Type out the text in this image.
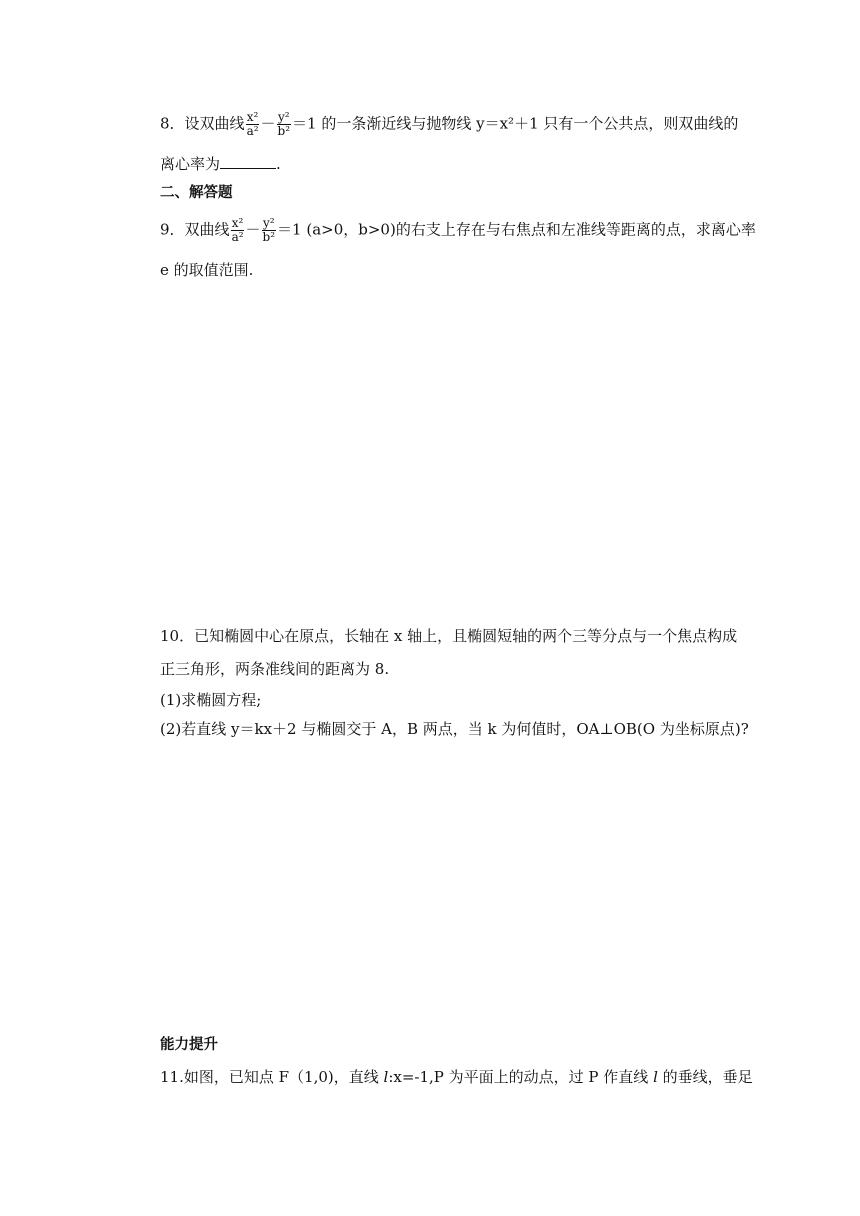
8．设双曲线 $\frac{\text{x²}}{\text{a²}} - \frac{\text{y²}}{\text{b²}} =1$ 的一条渐近线与抛物线 y＝x²＋1 只有一个公共点，则双曲线的
离心率为	.
二、解答题
9．双曲线 $\frac{\text{x²}}{\text{a²}} - \frac{\text{y²}}{\text{b²}} =1$ (a>0，b>0)的右支上存在与右焦点和左准线等距离的点，求离心率
e 的取值范围.
10．已知椭圆中心在原点，长轴在 x 轴上，且椭圆短轴的两个三等分点与一个焦点构成
正三角形，两条准线间的距离为 8.
(1)求椭圆方程;
(2)若直线 y＝kx＋2 与椭圆交于 A，B 两点，当 k 为何值时，OA⊥OB(O 为坐标原点)?
能力提升
11.如图，已知点 F（1,0)，直线 l:x=-1,P 为平面上的动点，过 P 作直线 l 的垂线，垂足
